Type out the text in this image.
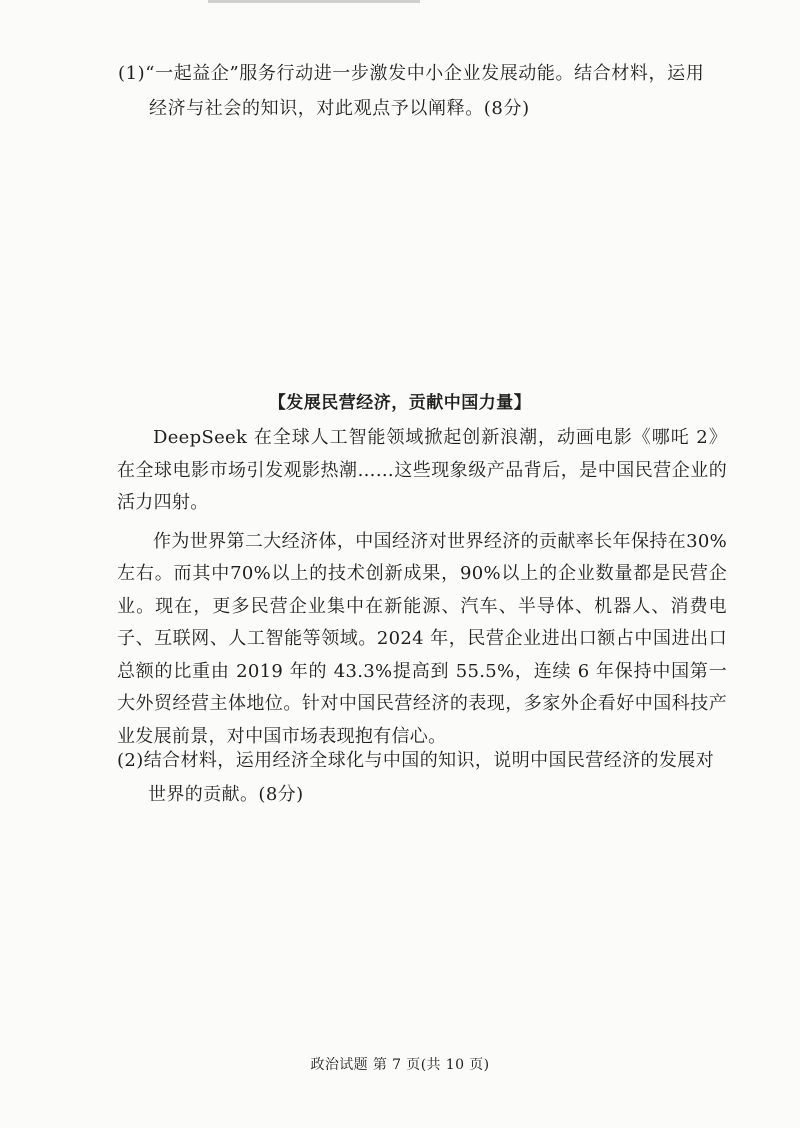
(1)“一起益企”服务行动进一步激发中小企业发展动能。结合材料，运用
经济与社会的知识，对此观点予以阐释。(8分)
【发展民营经济，贡献中国力量】

DeepSeek 在全球人工智能领域掀起创新浪潮，动画电影《哪吒 2》在全球电影市场引发观影热潮……这些现象级产品背后，是中国民营企业的活力四射。

作为世界第二大经济体，中国经济对世界经济的贡献率长年保持在30%左右。而其中70%以上的技术创新成果，90%以上的企业数量都是民营企业。现在，更多民营企业集中在新能源、汽车、半导体、机器人、消费电子、互联网、人工智能等领域。2024 年，民营企业进出口额占中国进出口总额的比重由 2019 年的 43.3%提高到 55.5%，连续 6 年保持中国第一大外贸经营主体地位。针对中国民营经济的表现，多家外企看好中国科技产业发展前景，对中国市场表现抱有信心。

(2)结合材料，运用经济全球化与中国的知识，说明中国民营经济的发展对
世界的贡献。(8分)
政治试题 第 7 页(共 10 页)
